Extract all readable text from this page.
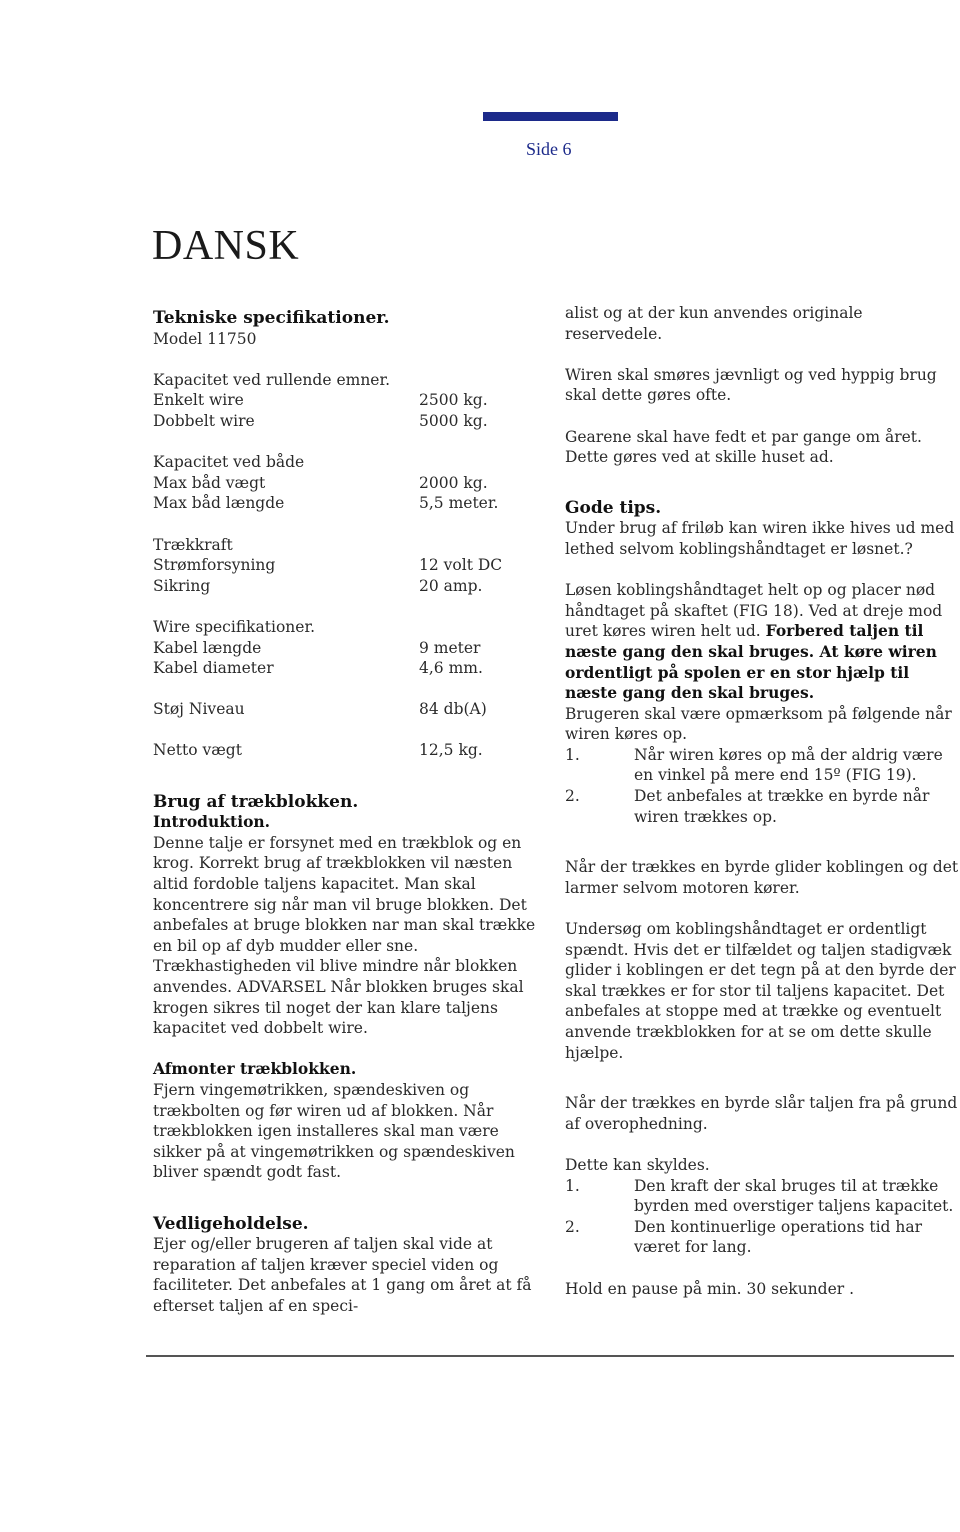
Side 6
DANSK
Tekniske specifikationer.
Model 11750
Kapacitet ved rullende emner.
Enkelt wire	2500 kg.
Dobbelt wire	5000 kg.
Kapacitet ved både
Max båd vægt	2000 kg.
Max båd længde	5,5 meter.
Trækkraft
Strømforsyning	12 volt DC
Sikring	20 amp.
Wire specifikationer.
Kabel længde	9 meter
Kabel diameter	4,6 mm.
Støj Niveau	84 db(A)
Netto vægt	12,5 kg.
Brug af trækblokken.
Introduktion.

Denne talje er forsynet med en trækblok og en krog. Korrekt brug af trækblokken vil næsten altid fordoble taljens kapacitet. Man skal koncentrere sig når man vil bruge blokken. Det anbefales at bruge blokken nar man skal trække en bil op af dyb mudder eller sne. Trækhastigheden vil blive mindre når blokken anvendes. ADVARSEL Når blokken bruges skal krogen sikres til noget der kan klare taljens kapacitet ved dobbelt wire.

Afmonter trækblokken.

Fjern vingemøtrikken, spændeskiven og trækbolten og før wiren ud af blokken. Når trækblokken igen installeres skal man være sikker på at vingemøtrikken og spændeskiven bliver spændt godt fast.

Vedligeholdelse.

Ejer og/eller brugeren af taljen skal vide at reparation af taljen kræver speciel viden og faciliteter. Det anbefales at 1 gang om året at få efterset taljen af en speci-

alist og at der kun anvendes originale reservedele.

Wiren skal smøres jævnligt og ved hyppig brug skal dette gøres ofte.

Gearene skal have fedt et par gange om året. Dette gøres ved at skille huset ad.

Gode tips.

Under brug af friløb kan wiren ikke hives ud med lethed selvom koblingshåndtaget er løsnet.?

Løsen koblingshåndtaget helt op og placer nød håndtaget på skaftet (FIG 18). Ved at dreje mod uret køres wiren helt ud. Forbered taljen til næste gang den skal bruges. At køre wiren ordentligt på spolen er en stor hjælp til næste gang den skal bruges.

Brugeren skal være opmærksom på følgende når wiren køres op.

1.	Når wiren køres op må der aldrig være en vinkel på mere end 15º (FIG 19).
2.	Det anbefales at trække en byrde når wiren trækkes op.

Når der trækkes en byrde glider koblingen og det larmer selvom motoren kører.

Undersøg om koblingshåndtaget er ordentligt spændt. Hvis det er tilfældet og taljen stadigvæk glider i koblingen er det tegn på at den byrde der skal trækkes er for stor til taljens kapacitet. Det anbefales at stoppe med at trække og eventuelt anvende trækblokken for at se om dette skulle hjælpe.

Når der trækkes en byrde slår taljen fra på grund af overophedning.

Dette kan skyldes.

1.	Den kraft der skal bruges til at trække byrden med overstiger taljens kapacitet.
2.	Den kontinuerlige operations tid har været for lang.

Hold en pause på min. 30 sekunder .
